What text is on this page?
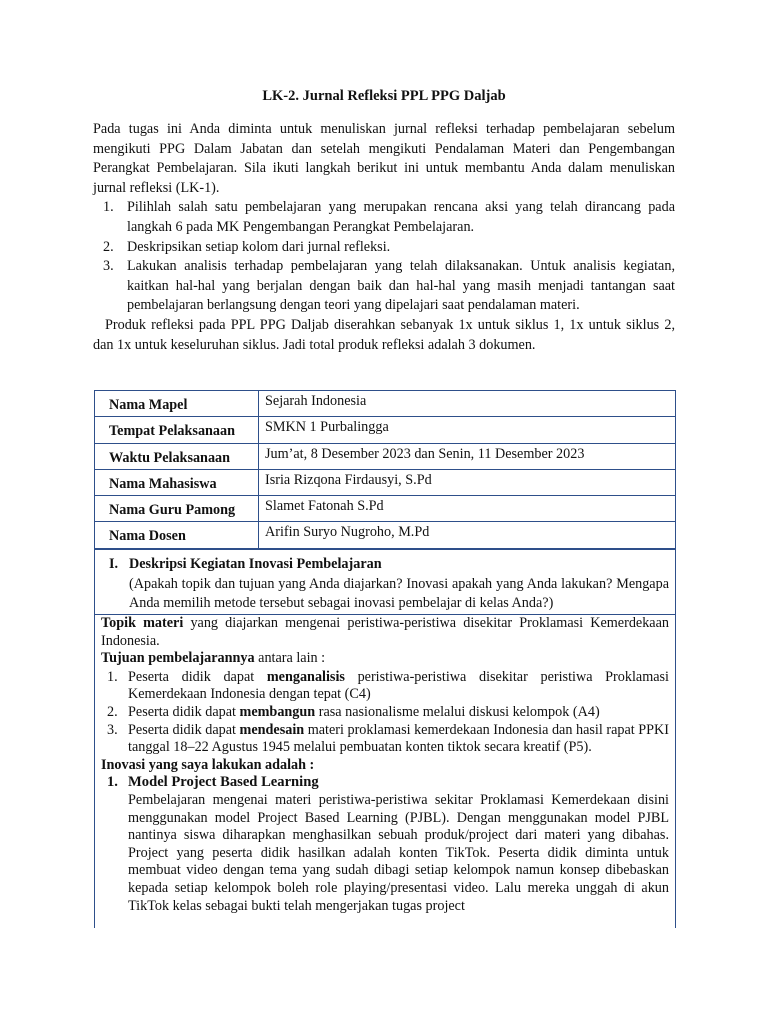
LK-2. Jurnal Refleksi PPL PPG Daljab

Pada tugas ini Anda diminta untuk menuliskan jurnal refleksi terhadap pembelajaran sebelum mengikuti PPG Dalam Jabatan dan setelah mengikuti Pendalaman Materi dan Pengembangan Perangkat Pembelajaran. Sila ikuti langkah berikut ini untuk membantu Anda dalam menuliskan jurnal refleksi (LK-1).

1. Pilihlah salah satu pembelajaran yang merupakan rencana aksi yang telah dirancang pada langkah 6 pada MK Pengembangan Perangkat Pembelajaran.
2. Deskripsikan setiap kolom dari jurnal refleksi.
3. Lakukan analisis terhadap pembelajaran yang telah dilaksanakan. Untuk analisis kegiatan, kaitkan hal-hal yang berjalan dengan baik dan hal-hal yang masih menjadi tantangan saat pembelajaran berlangsung dengan teori yang dipelajari saat pendalaman materi.

Produk refleksi pada PPL PPG Daljab diserahkan sebanyak 1x untuk siklus 1, 1x untuk siklus 2, dan 1x untuk keseluruhan siklus. Jadi total produk refleksi adalah 3 dokumen.

Nama Mapel	Sejarah Indonesia
Tempat Pelaksanaan	SMKN 1 Purbalingga
Waktu Pelaksanaan	Jum’at, 8 Desember 2023 dan Senin, 11 Desember 2023
Nama Mahasiswa	Isria Rizqona Firdausyi, S.Pd
Nama Guru Pamong	Slamet Fatonah S.Pd
Nama Dosen	Arifin Suryo Nugroho, M.Pd
I. Deskripsi Kegiatan Inovasi Pembelajaran
(Apakah topik dan tujuan yang Anda diajarkan? Inovasi apakah yang Anda lakukan? Mengapa Anda memilih metode tersebut sebagai inovasi pembelajar di kelas Anda?)

Topik materi yang diajarkan mengenai peristiwa-peristiwa disekitar Proklamasi Kemerdekaan Indonesia.

Tujuan pembelajarannya antara lain :

1. Peserta didik dapat menganalisis peristiwa-peristiwa disekitar peristiwa Proklamasi Kemerdekaan Indonesia dengan tepat (C4)
2. Peserta didik dapat membangun rasa nasionalisme melalui diskusi kelompok (A4)
3. Peserta didik dapat mendesain materi proklamasi kemerdekaan Indonesia dan hasil rapat PPKI tanggal 18–22 Agustus 1945 melalui pembuatan konten tiktok secara kreatif (P5).

Inovasi yang saya lakukan adalah :

1. Model Project Based Learning
Pembelajaran mengenai materi peristiwa-peristiwa sekitar Proklamasi Kemerdekaan disini menggunakan model Project Based Learning (PJBL). Dengan menggunakan model PJBL nantinya siswa diharapkan menghasilkan sebuah produk/project dari materi yang dibahas. Project yang peserta didik hasilkan adalah konten TikTok. Peserta didik diminta untuk membuat video dengan tema yang sudah dibagi setiap kelompok namun konsep dibebaskan kepada setiap kelompok boleh role playing/presentasi video. Lalu mereka unggah di akun TikTok kelas sebagai bukti telah mengerjakan tugas project
